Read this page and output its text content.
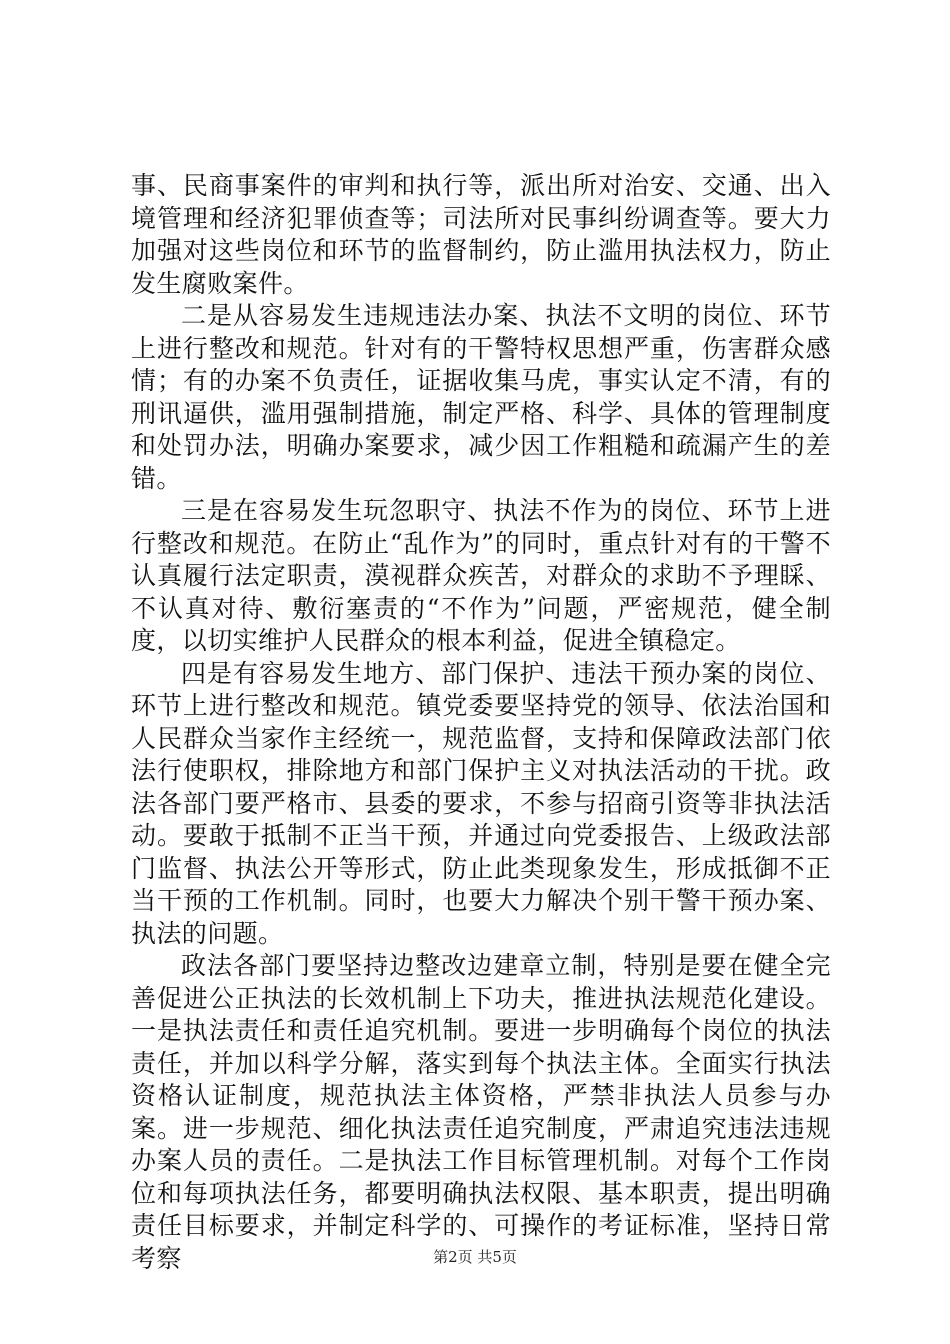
事、民商事案件的审判和执行等，派出所对治安、交通、出入境管理和经济犯罪侦查等；司法所对民事纠纷调查等。要大力加强对这些岗位和环节的监督制约，防止滥用执法权力，防止发生腐败案件。

二是从容易发生违规违法办案、执法不文明的岗位、环节上进行整改和规范。针对有的干警特权思想严重，伤害群众感情；有的办案不负责任，证据收集马虎，事实认定不清，有的刑讯逼供，滥用强制措施，制定严格、科学、具体的管理制度和处罚办法，明确办案要求，减少因工作粗糙和疏漏产生的差错。

三是在容易发生玩忽职守、执法不作为的岗位、环节上进行整改和规范。在防止“乱作为”的同时，重点针对有的干警不认真履行法定职责，漠视群众疾苦，对群众的求助不予理睬、不认真对待、敷衍塞责的“不作为”问题，严密规范，健全制度，以切实维护人民群众的根本利益，促进全镇稳定。

四是有容易发生地方、部门保护、违法干预办案的岗位、环节上进行整改和规范。镇党委要坚持党的领导、依法治国和人民群众当家作主经统一，规范监督，支持和保障政法部门依法行使职权，排除地方和部门保护主义对执法活动的干扰。政法各部门要严格市、县委的要求，不参与招商引资等非执法活动。要敢于抵制不正当干预，并通过向党委报告、上级政法部门监督、执法公开等形式，防止此类现象发生，形成抵御不正当干预的工作机制。同时，也要大力解决个别干警干预办案、执法的问题。

政法各部门要坚持边整改边建章立制，特别是要在健全完善促进公正执法的长效机制上下功夫，推进执法规范化建设。一是执法责任和责任追究机制。要进一步明确每个岗位的执法责任，并加以科学分解，落实到每个执法主体。全面实行执法资格认证制度，规范执法主体资格，严禁非执法人员参与办案。进一步规范、细化执法责任追究制度，严肃追究违法违规办案人员的责任。二是执法工作目标管理机制。对每个工作岗位和每项执法任务，都要明确执法权限、基本职责，提出明确责任目标要求，并制定科学的、可操作的考证标准，坚持日常考察	第2页 共5页
